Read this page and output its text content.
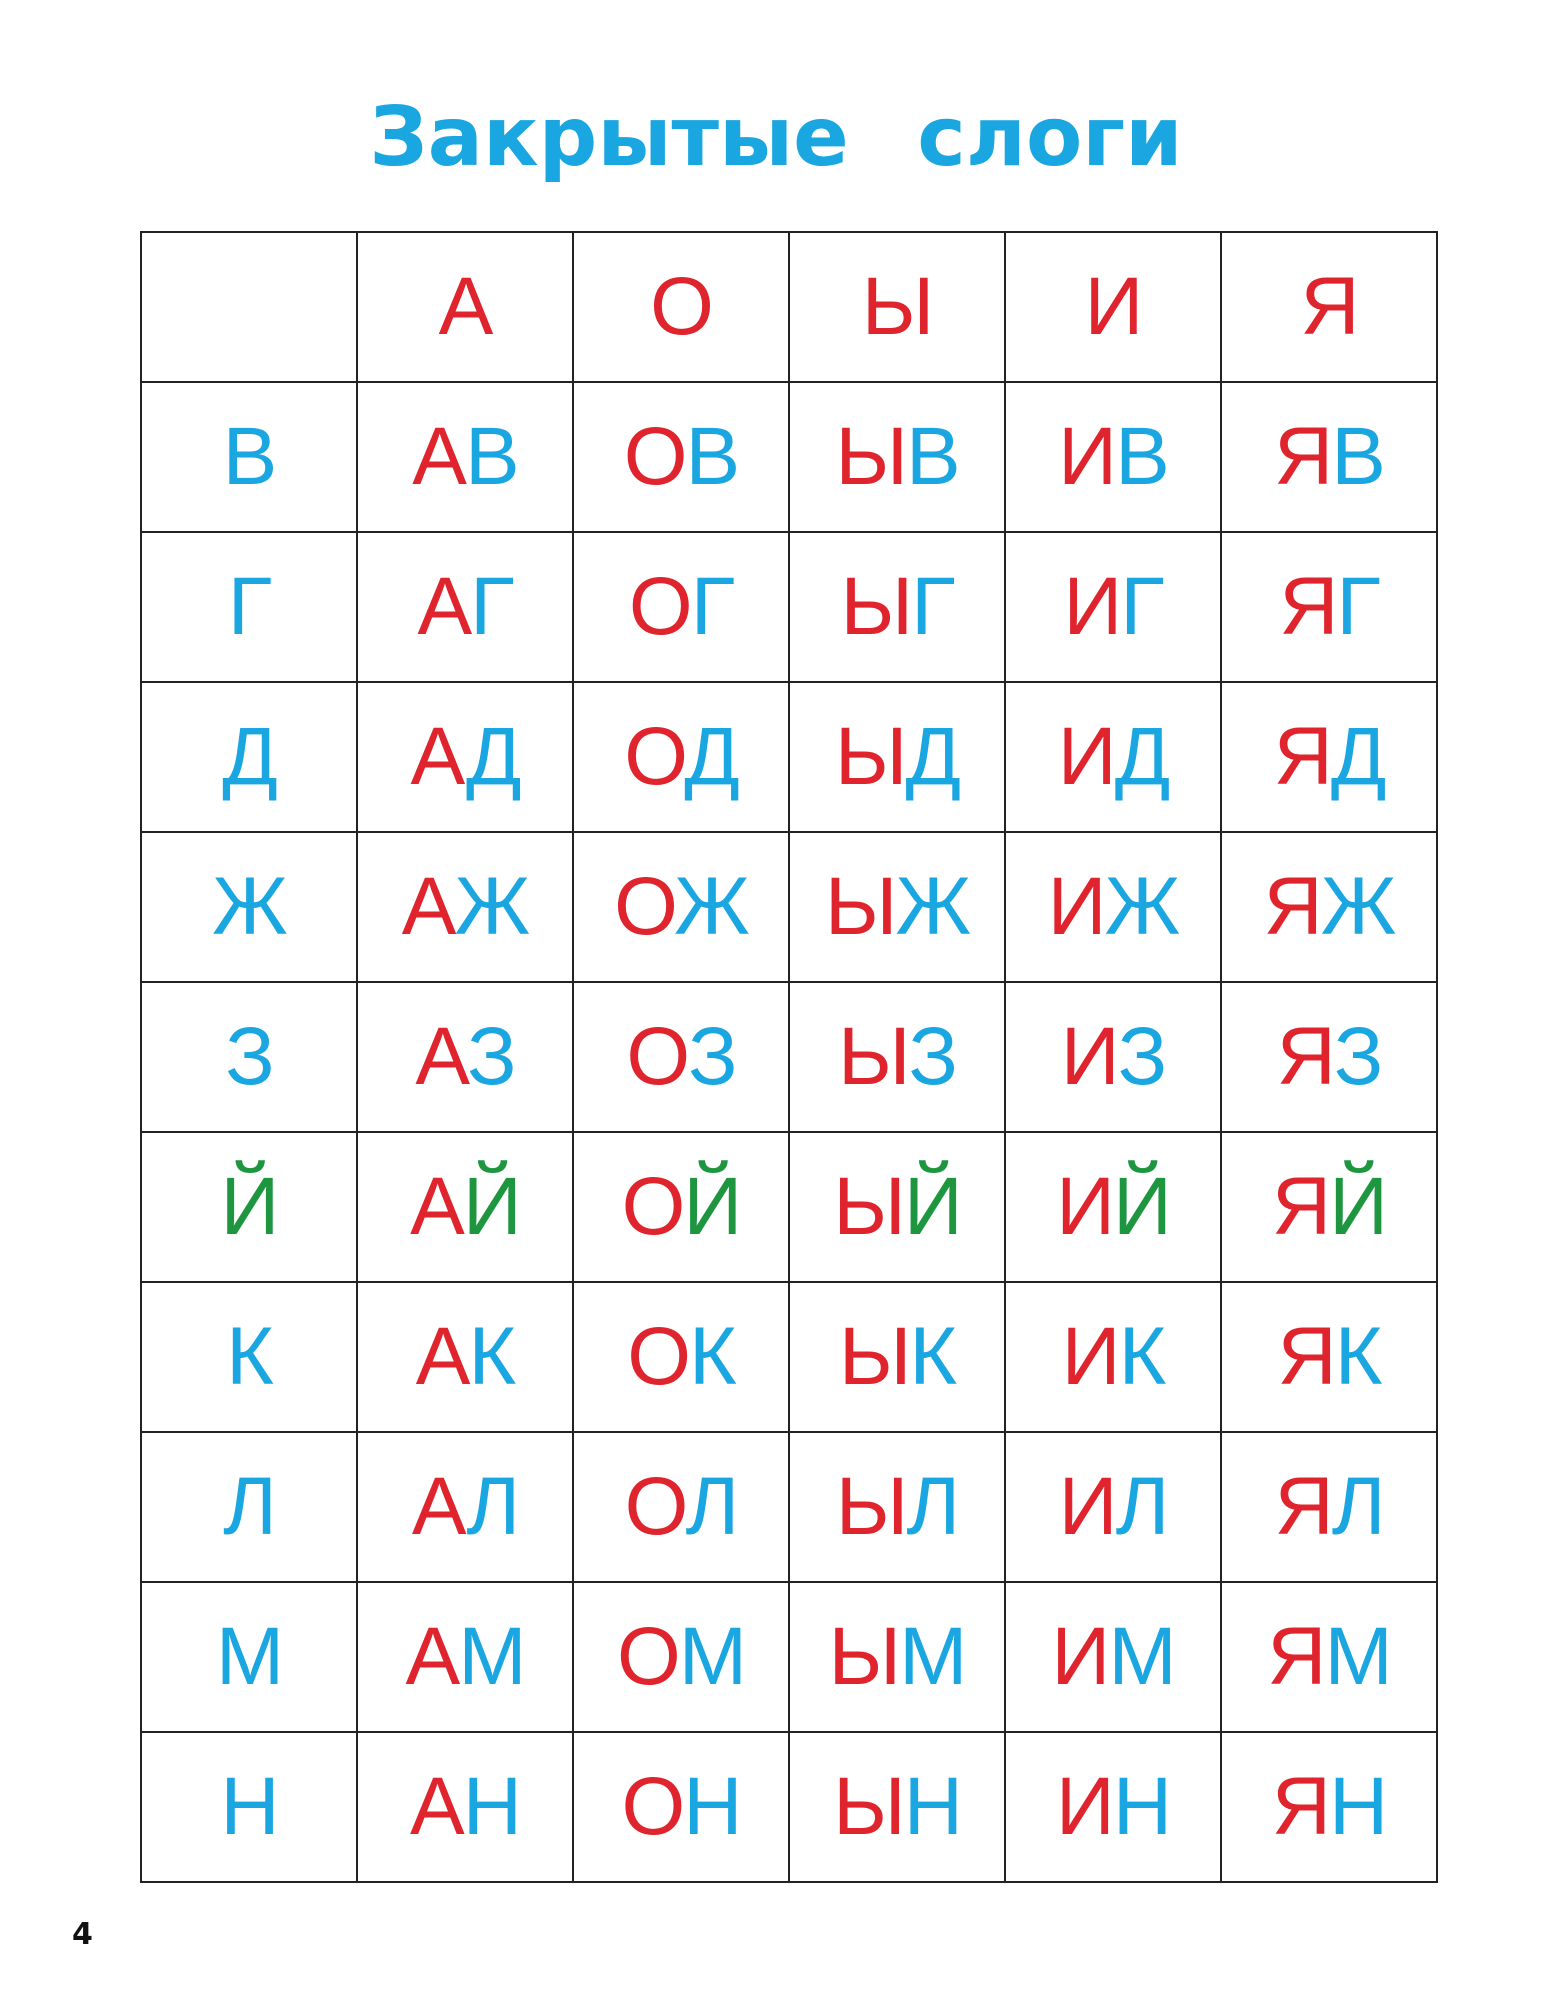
Закрытые слоги
	А	О	Ы	И	Я
В	АВ	ОВ	ЫВ	ИВ	ЯВ
Г	АГ	ОГ	ЫГ	ИГ	ЯГ
Д	АД	ОД	ЫД	ИД	ЯД
Ж	АЖ	ОЖ	ЫЖ	ИЖ	ЯЖ
З	АЗ	ОЗ	ЫЗ	ИЗ	ЯЗ
Й	АЙ	ОЙ	ЫЙ	ИЙ	ЯЙ
К	АК	ОК	ЫК	ИК	ЯК
Л	АЛ	ОЛ	ЫЛ	ИЛ	ЯЛ
М	АМ	ОМ	ЫМ	ИМ	ЯМ
Н	АН	ОН	ЫН	ИН	ЯН
4
